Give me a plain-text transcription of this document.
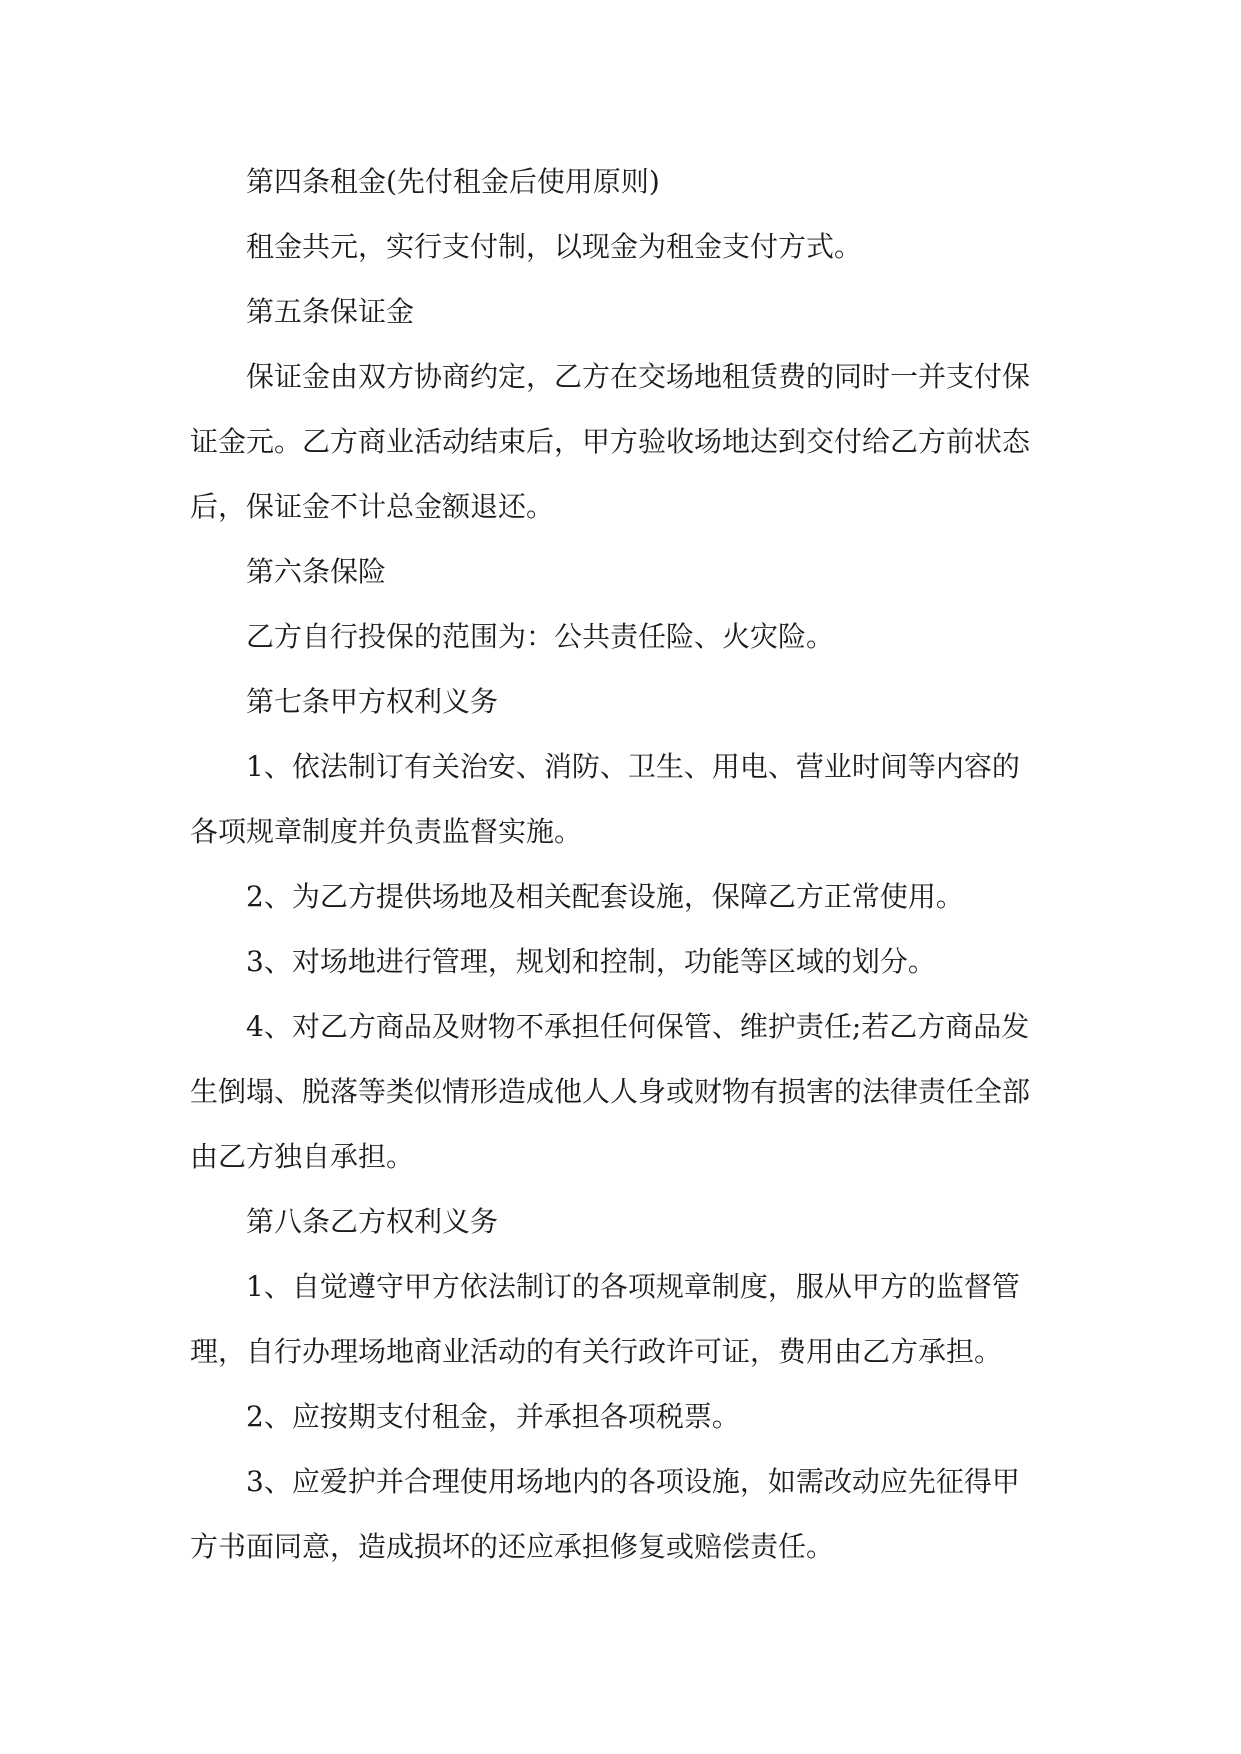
第四条租金(先付租金后使用原则)
租金共元，实行支付制，以现金为租金支付方式。
第五条保证金
保证金由双方协商约定，乙方在交场地租赁费的同时一并支付保
证金元。乙方商业活动结束后，甲方验收场地达到交付给乙方前状态
后，保证金不计总金额退还。
第六条保险
乙方自行投保的范围为：公共责任险、火灾险。
第七条甲方权利义务
1、依法制订有关治安、消防、卫生、用电、营业时间等内容的
各项规章制度并负责监督实施。
2、为乙方提供场地及相关配套设施，保障乙方正常使用。
3、对场地进行管理，规划和控制，功能等区域的划分。
4、对乙方商品及财物不承担任何保管、维护责任;若乙方商品发
生倒塌、脱落等类似情形造成他人人身或财物有损害的法律责任全部
由乙方独自承担。
第八条乙方权利义务
1、自觉遵守甲方依法制订的各项规章制度，服从甲方的监督管
理，自行办理场地商业活动的有关行政许可证，费用由乙方承担。
2、应按期支付租金，并承担各项税票。
3、应爱护并合理使用场地内的各项设施，如需改动应先征得甲
方书面同意，造成损坏的还应承担修复或赔偿责任。
